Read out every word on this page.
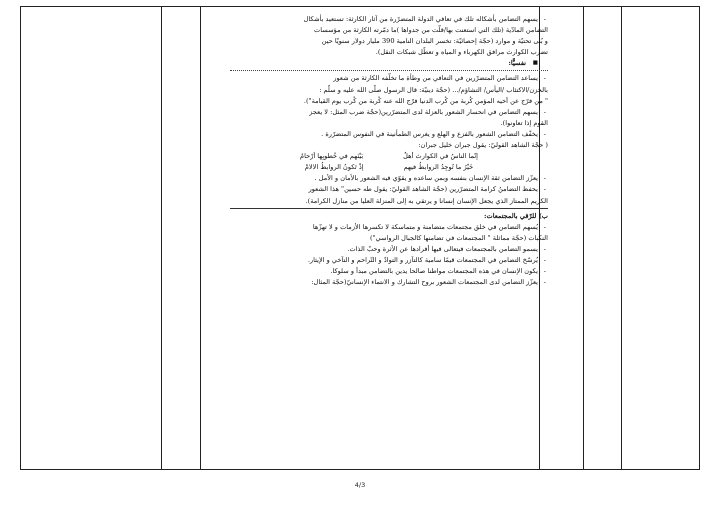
- يسهم التضامن بأشكاله تلك في تعافي الدولة المتضرّرة من آثار الكارثة: تستعيد بأشكال

التضامن المادّية (تلك التي استعنت بها/قلّت من جدواها )ما دمّرته الكارثة من مؤسسات

و بُنى تحتيّة و موارد (حجّة إحصائيّة: تخسر البلدان النامية 390 مليار دولار سنويّا حين

تضرب الكوارث مرافق الكهرباء و المياه و تعطّل شبكات النقل).

■ نفسيًّا:

- يساعد التضامن المتضرّرين في التعافي من وطأة ما تخلّفه الكارثة من شعور

بالحزن/الاكتئاب /اليأس/ التشاؤم/... (حجّة دينيّة: قال الرسول صلّى الله عليه و سلّم :

" من فرّج عن أخيه المؤمن كُربة من كُرب الدنيا فرّج الله عنه كُربة من كُرب يوم القيامة").

- يسهم التضامن في انحسار الشعور بالعزلة لدى المتضرّرين(حجّة ضرب المثل: لا يعجز

القوم إذا تعاونوا).

- يخفّف التضامن الشعور بالفزع و الهلع و يغرس الطمأنينة في النفوس المتضرّرة .

( حجّة الشاهد القوليّ: يقول جبران خليل جبران:

إنّما الناسُ في الكوارث أهلٌ
بَيْنَهم في خُطوبِها أرْحامُ
خَيْرُ ما تُوجِدُ الروابطُ فيهم
إذْ تَكونُ الروابطُ الالامْ

- يعزّز التضامن ثقة الإنسان بنفسه وبمن ساعده و يقوّي فيه الشعور بالأمان و الأمل .

- يحفظ التضامنُ كرامة المتضرّرين (حجّة الشاهد القوليّ: يقول طه حسين" هذا الشعور

الكريم الممتاز الذي يجعل الإنسان إنسانا و يرتقي به إلى المنزلة العليا من منازل الكرامة).

ب) للرّقي بالمجتمعات:

- يُسهم التضامن في خلق مجتمعات متضامنة و متماسكة لا تكسرها الأزمات و لا تهزّها

النكبات (حجّة مماثلة " المجتمعات في تضامنها كالجبال الرواسي")

- يسمو التضامن بالمجتمعات فيتعالى فيها أفرادها عن الأثرة وحبّ الذات.

- يُرسّخ التضامن في المجتمعات قيمًا سامية كالتآزر و التوادّ و التّراحم و التآخي و الإيثار.

- يكون الإنسان في هذه المجتمعات مواطنا صالحا يدين بالتضامن مبدأ و سلوكا.

- يعزّز التضامن لدى المجتمعات الشعور بروح التشارك و الانتماء الإنسانيّ(حجّة المثال:

4/3
